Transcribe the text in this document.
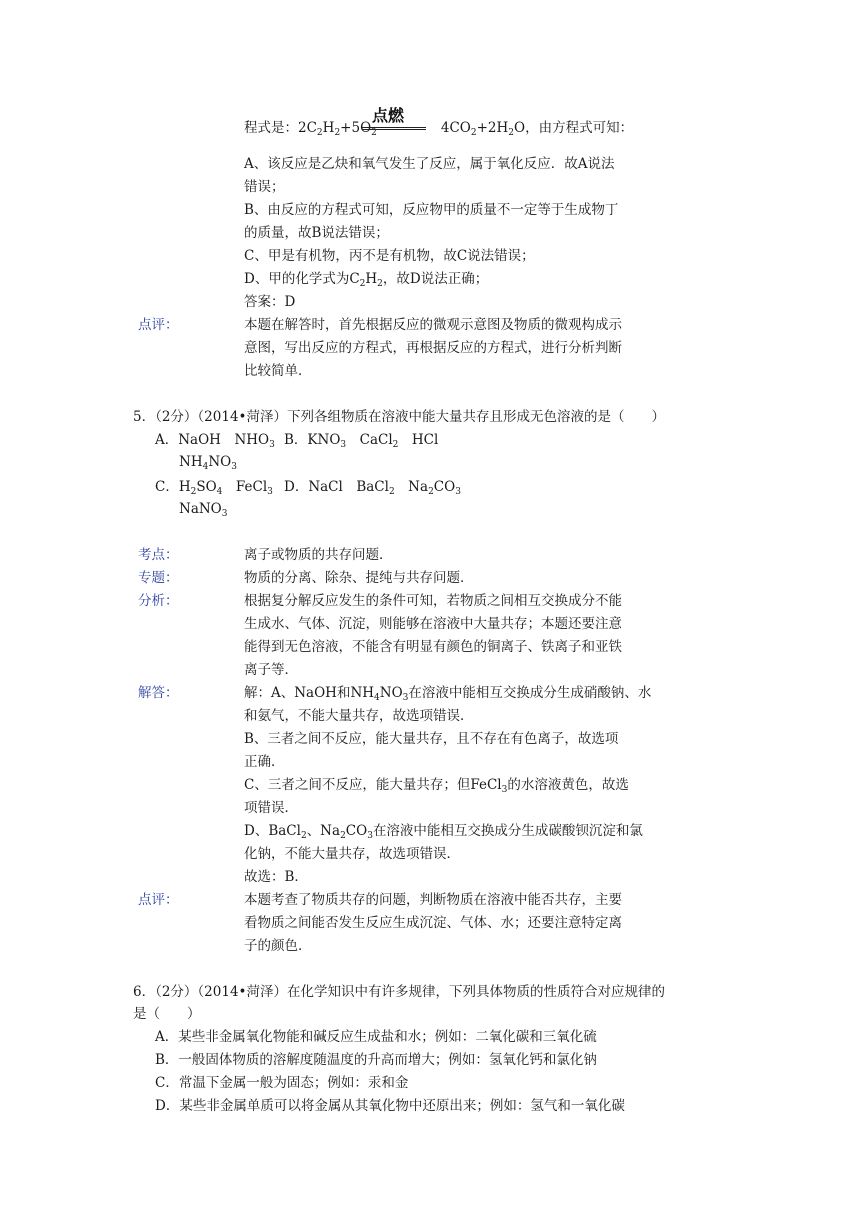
程式是：$2C_2H_2+5O_2$	$4CO_2+2H_2O$，由方程式可知：
点燃
A、该反应是乙炔和氧气发生了反应，属于氧化反应．故A说法
错误；
B、由反应的方程式可知，反应物甲的质量不一定等于生成物丁
的质量，故B说法错误；
C、甲是有机物，丙不是有机物，故C说法错误；
D、甲的化学式为$C_2H_2$，故D说法正确；
答案：D
点评：	本题在解答时，首先根据反应的微观示意图及物质的微观构成示
意图，写出反应的方程式，再根据反应的方程式，进行分析判断
比较简单．
5．（2分）（2014•菏泽）下列各组物质在溶液中能大量共存且形成无色溶液的是（　　）
A．NaOH　$NHO_3$ B．$KNO_3$　CaCl$_2$　HCl
$NH_4NO_3$
C．$H_2SO_4$　FeCl$_3$ D．NaCl　BaCl$_2$　$Na_2CO_3$
NaNO$_3$
考点：	离子或物质的共存问题．
专题：	物质的分离、除杂、提纯与共存问题．
分析：	根据复分解反应发生的条件可知，若物质之间相互交换成分不能
生成水、气体、沉淀，则能够在溶液中大量共存；本题还要注意
能得到无色溶液，不能含有明显有颜色的铜离子、铁离子和亚铁
离子等．
解答：	解：A、NaOH和$NH_4NO_3$在溶液中能相互交换成分生成硝酸钠、水
和氨气，不能大量共存，故选项错误．
B、三者之间不反应，能大量共存，且不存在有色离子，故选项
正确．
C、三者之间不反应，能大量共存；但FeCl$_3$的水溶液黄色，故选
项错误．
D、BaCl$_2$、$Na_2CO_3$在溶液中能相互交换成分生成碳酸钡沉淀和氯
化钠，不能大量共存，故选项错误．
故选：B．
点评：	本题考查了物质共存的问题，判断物质在溶液中能否共存，主要
看物质之间能否发生反应生成沉淀、气体、水；还要注意特定离
子的颜色．
6．（2分）（2014•菏泽）在化学知识中有许多规律，下列具体物质的性质符合对应规律的
是（　　）
A．某些非金属氧化物能和碱反应生成盐和水；例如：二氧化碳和三氧化硫
B．一般固体物质的溶解度随温度的升高而增大；例如：氢氧化钙和氯化钠
C．常温下金属一般为固态；例如：汞和金
D．某些非金属单质可以将金属从其氧化物中还原出来；例如：氢气和一氧化碳
